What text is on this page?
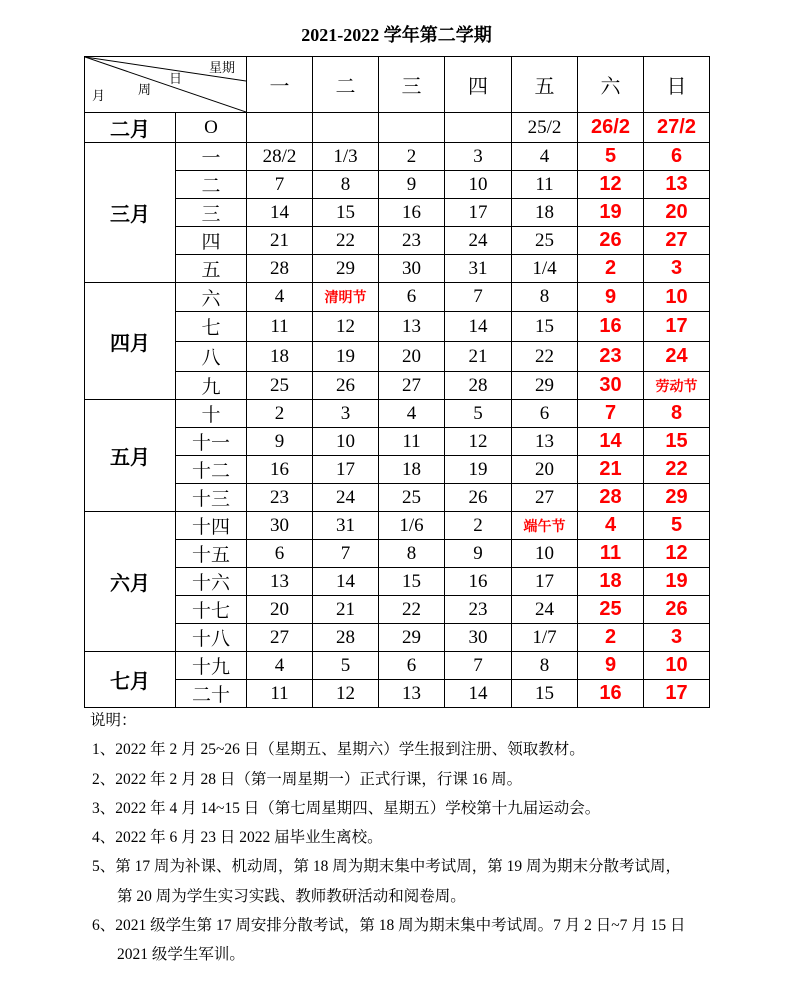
2021-2022 学年第二学期
星期
日
周
月		一	二	三	四	五	六	日
二月	O					25/2	26/2	27/2
三月	一	28/2	1/3	2	3	4	5	6
	二	7	8	9	10	11	12	13
	三	14	15	16	17	18	19	20
	四	21	22	23	24	25	26	27
	五	28	29	30	31	1/4	2	3
四月	六	4	清明节	6	7	8	9	10
	七	11	12	13	14	15	16	17
	八	18	19	20	21	22	23	24
	九	25	26	27	28	29	30	劳动节
五月	十	2	3	4	5	6	7	8
	十一	9	10	11	12	13	14	15
	十二	16	17	18	19	20	21	22
	十三	23	24	25	26	27	28	29
六月	十四	30	31	1/6	2	端午节	4	5
	十五	6	7	8	9	10	11	12
	十六	13	14	15	16	17	18	19
	十七	20	21	22	23	24	25	26
	十八	27	28	29	30	1/7	2	3
七月	十九	4	5	6	7	8	9	10
	二十	11	12	13	14	15	16	17
说明：
1、2022 年 2 月 25~26 日（星期五、星期六）学生报到注册、领取教材。
2、2022 年 2 月 28 日（第一周星期一）正式行课，行课 16 周。
3、2022 年 4 月 14~15 日（第七周星期四、星期五）学校第十九届运动会。
4、2022 年 6 月 23 日 2022 届毕业生离校。
5、第 17 周为补课、机动周，第 18 周为期末集中考试周，第 19 周为期末分散考试周，
第 20 周为学生实习实践、教师教研活动和阅卷周。
6、2021 级学生第 17 周安排分散考试，第 18 周为期末集中考试周。7 月 2 日~7 月 15 日
2021 级学生军训。
